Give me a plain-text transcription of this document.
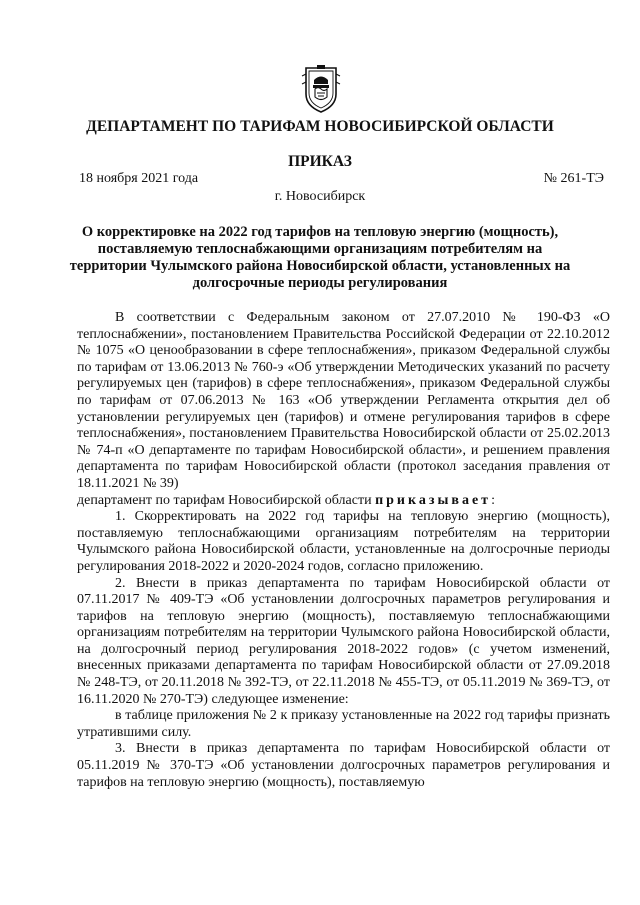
ДЕПАРТАМЕНТ ПО ТАРИФАМ НОВОСИБИРСКОЙ ОБЛАСТИ
ПРИКАЗ
18 ноября 2021 года	№ 261-ТЭ
г. Новосибирск
О корректировке на 2022 год тарифов на тепловую энергию (мощность), поставляемую теплоснабжающими организациям потребителям на территории Чулымского района Новосибирской области, установленных на долгосрочные периоды регулирования

В соответствии с Федеральным законом от 27.07.2010 № 190-ФЗ «О теплоснабжении», постановлением Правительства Российской Федерации от 22.10.2012 № 1075 «О ценообразовании в сфере теплоснабжения», приказом Федеральной службы по тарифам от 13.06.2013 № 760-э «Об утверждении Методических указаний по расчету регулируемых цен (тарифов) в сфере теплоснабжения», приказом Федеральной службы по тарифам от 07.06.2013 № 163 «Об утверждении Регламента открытия дел об установлении регулируемых цен (тарифов) и отмене регулирования тарифов в сфере теплоснабжения», постановлением Правительства Новосибирской области от 25.02.2013 № 74-п «О департаменте по тарифам Новосибирской области», и решением правления департамента по тарифам Новосибирской области (протокол заседания правления от 18.11.2021 № 39)

департамент по тарифам Новосибирской области приказывает:

1. Скорректировать на 2022 год тарифы на тепловую энергию (мощность), поставляемую теплоснабжающими организациям потребителям на территории Чулымского района Новосибирской области, установленные на долгосрочные периоды регулирования 2018-2022 и 2020-2024 годов, согласно приложению.

2. Внести в приказ департамента по тарифам Новосибирской области от 07.11.2017 № 409-ТЭ «Об установлении долгосрочных параметров регулирования и тарифов на тепловую энергию (мощность), поставляемую теплоснабжающими организациям потребителям на территории Чулымского района Новосибирской области, на долгосрочный период регулирования 2018-2022 годов» (с учетом изменений, внесенных приказами департамента по тарифам Новосибирской области от 27.09.2018 № 248-ТЭ, от 20.11.2018 № 392-ТЭ, от 22.11.2018 № 455-ТЭ, от 05.11.2019 № 369-ТЭ, от 16.11.2020 № 270-ТЭ) следующее изменение:

в таблице приложения № 2 к приказу установленные на 2022 год тарифы признать утратившими силу.

3. Внести в приказ департамента по тарифам Новосибирской области от 05.11.2019 № 370-ТЭ «Об установлении долгосрочных параметров регулирования и тарифов на тепловую энергию (мощность), поставляемую
